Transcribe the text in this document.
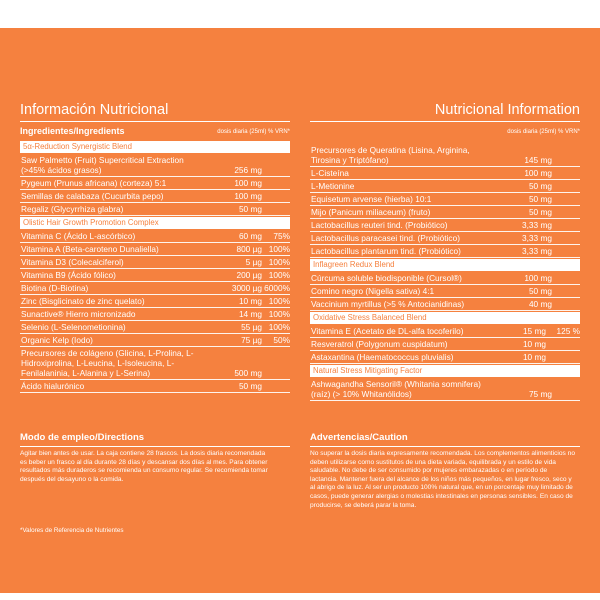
Información Nutricional	Nutricional Information
Ingredientes/Ingredients	dosis diaria (25ml) % VRN*
5α-Reduction Synergistic Blend
Saw Palmetto (Fruit) Supercritical Extraction (>45% ácidos grasos)	256 mg
Pygeum (Prunus africana) (corteza) 5:1	100 mg
Semillas de calabaza (Cucurbita pepo)	100 mg
Regaliz (Glycyrrhiza glabra)	50 mg
Olistic Hair Growth Promotion Complex
Vitamina C (Ácido L-ascórbico)	60 mg	75%
Vitamina A (Beta-caroteno Dunaliella)	800 µg 100%
Vitamina D3 (Colecalciferol)	5 µg 100%
Vitamina B9 (Ácido fólico)	200 µg 100%
Biotina (D-Biotina)	3000 µg 6000%
Zinc (Bisglicinato de zinc quelato)	10 mg 100%
Sunactive® Hierro micronizado	14 mg 100%
Selenio (L-Selenometionina)	55 µg 100%
Organic Kelp (Iodo)	75 µg	50%
Precursores de colágeno (Glicina, L-Prolina, L-Hidroxiprolina, L-Leucina, L-Isoleucina, L-Fenilalaninia, L-Alanina y L-Serina)	500 mg
Ácido hialurónico	50 mg
dosis diaria (25ml) % VRN*
Precursores de Queratina (Lisina, Arginina, Tirosina y Triptófano)	145 mg
L-Cisteína	100 mg
L-Metionine	50 mg
Equisetum arvense (hierba) 10:1	50 mg
Mijo (Panicum miliaceum) (fruto)	50 mg
Lactobacillus reuteri tind. (Probiótico)	3,33 mg
Lactobacillus paracasei tind. (Probiótico)	3,33 mg
Lactobacillus plantarum tind. (Probiótico)	3,33 mg
Inflagreen Redux Blend
Cúrcuma soluble biodisponible (Cursol®)	100 mg
Comino negro (Nigella sativa) 4:1	50 mg
Vaccinium myrtillus (>5 % Antocianidinas)	40 mg
Oxidative Stress Balanced Blend
Vitamina E (Acetato de DL-alfa tocoferilo)	15 mg	125 %
Resveratrol (Polygonum cuspidatum)	10 mg
Astaxantina (Haematococcus pluvialis)	10 mg
Natural Stress Mitigating Factor
Ashwagandha Sensoril® (Whitania somnifera) (raíz) (> 10% Whitanólidos)	75 mg
Modo de empleo/Directions
Agitar bien antes de usar. La caja contiene 28 frascos. La dosis diaria recomendada es beber un frasco al día durante 28 días y descansar dos días al mes. Para obtener resultados más duraderos se recomienda un consumo regular. Se recomienda tomar después del desayuno o la comida.
Advertencias/Caution
No superar la dosis diaria expresamente recomendada. Los complementos alimenticios no deben utilizarse como sustitutos de una dieta variada, equilibrada y un estilo de vida saludable. No debe de ser consumido por mujeres embarazadas o en período de lactancia. Mantener fuera del alcance de los niños más pequeños, en lugar fresco, seco y al abrigo de la luz. Al ser un producto 100% natural que, en un porcentaje muy limitado de casos, puede generar alergias o molestias intestinales en personas sensibles. En caso de producirse, se deberá parar la toma.
*Valores de Referencia de Nutrientes
